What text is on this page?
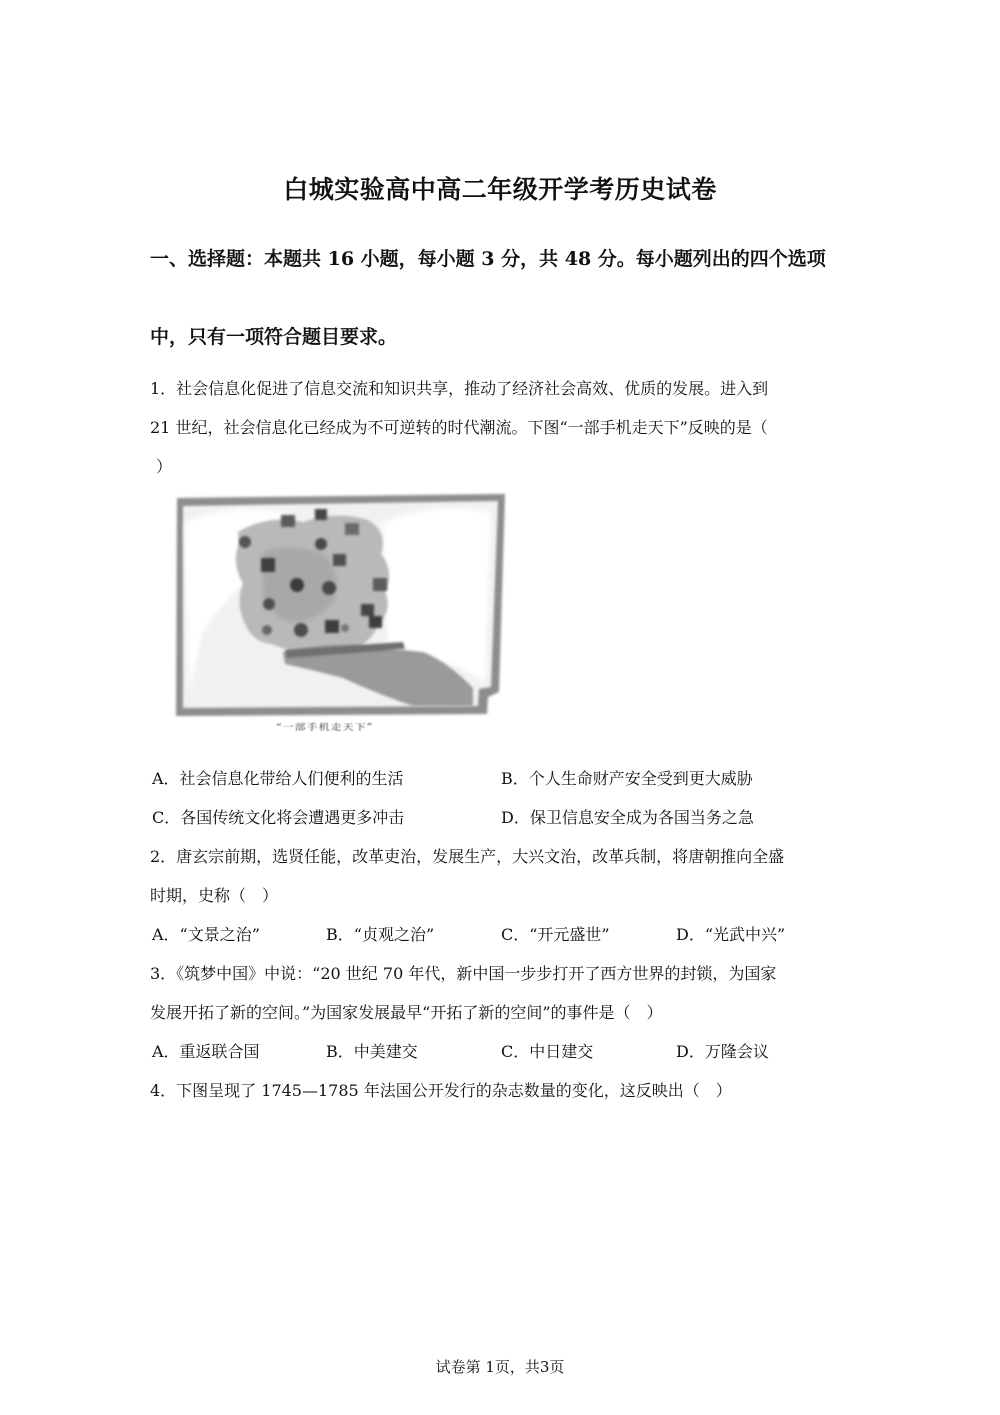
白城实验高中高二年级开学考历史试卷
一、选择题：本题共 16 小题，每小题 3 分，共 48 分。每小题列出的四个选项
中，只有一项符合题目要求。
1．社会信息化促进了信息交流和知识共享，推动了经济社会高效、优质的发展。进入到
21 世纪，社会信息化已经成为不可逆转的时代潮流。下图“一部手机走天下”反映的是（
）
“一部手机走天下”
A．社会信息化带给人们便利的生活	B．个人生命财产安全受到更大威胁
C．各国传统文化将会遭遇更多冲击	D．保卫信息安全成为各国当务之急
2．唐玄宗前期，选贤任能，改革吏治，发展生产，大兴文治，改革兵制，将唐朝推向全盛
时期，史称（　）
A．“文景之治”	B．“贞观之治”	C．“开元盛世”	D．“光武中兴”
3．《筑梦中国》中说：“20 世纪 70 年代，新中国一步步打开了西方世界的封锁，为国家
发展开拓了新的空间。”为国家发展最早“开拓了新的空间”的事件是（　）
A．重返联合国	B．中美建交	C．中日建交	D．万隆会议
4．下图呈现了 1745—1785 年法国公开发行的杂志数量的变化，这反映出（　）
试卷第 1页，共3页
